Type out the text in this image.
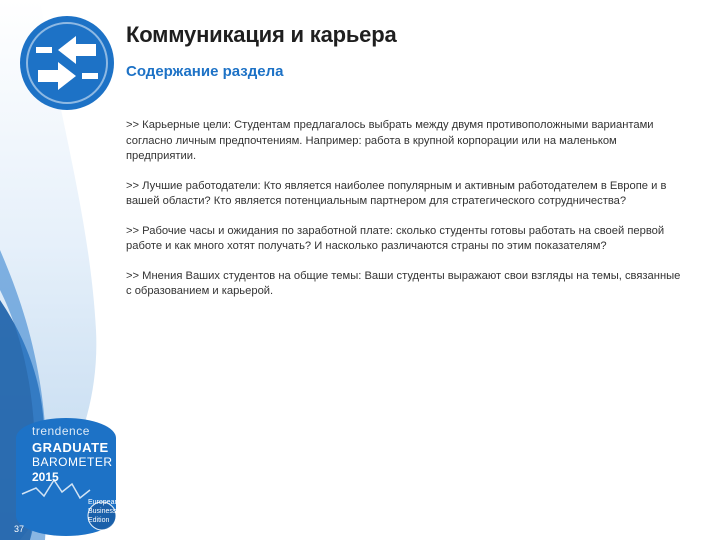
trendence
GRADUATE
BAROMETER
2015
European Business Edition
37
Коммуникация и карьера
Содержание раздела

>> Карьерные цели: Студентам предлагалось выбрать между двумя противоположными вариантами согласно личным предпочтениям. Например: работа в крупной корпорации или на маленьком предприятии.

>> Лучшие работодатели: Кто является наиболее популярным и активным работодателем в Европе и в вашей области? Кто является потенциальным партнером для стратегического сотрудничества?

>> Рабочие часы и ожидания по заработной плате: сколько студенты готовы работать на своей первой работе и как много хотят получать? И насколько различаются страны по этим показателям?

>> Мнения Ваших студентов на общие темы: Ваши студенты выражают свои взгляды на темы, связанные с образованием и карьерой.
